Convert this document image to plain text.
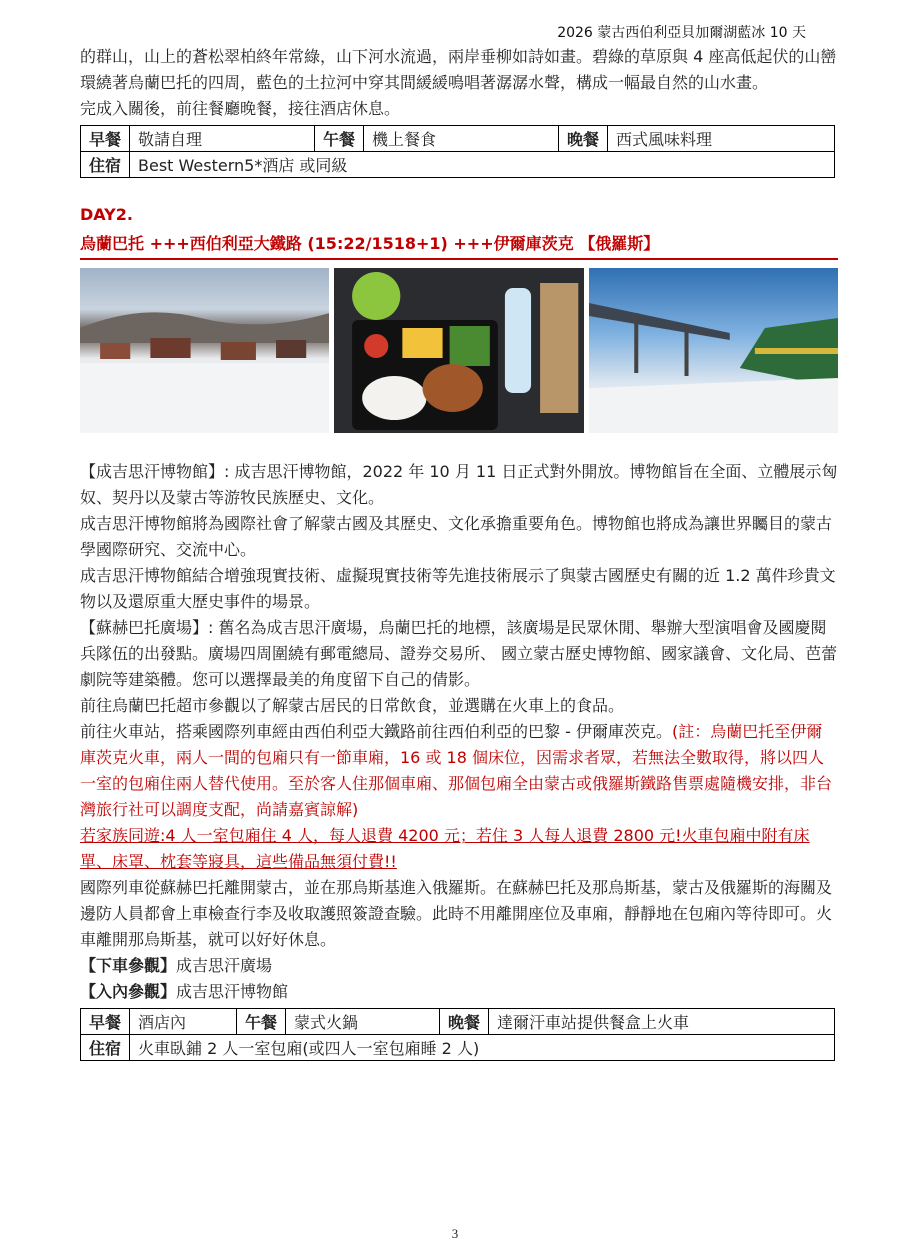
2026 蒙古西伯利亞貝加爾湖藍冰 10 天

的群山，山上的蒼松翠柏終年常綠，山下河水流過，兩岸垂柳如詩如畫。碧綠的草原與 4 座高低起伏的山巒環繞著烏蘭巴托的四周，藍色的土拉河中穿其間緩緩鳴唱著潺潺水聲，構成一幅最自然的山水畫。

完成入關後，前往餐廳晚餐，接往酒店休息。

早餐	敬請自理	午餐	機上餐食	晚餐	西式風味料理
住宿	Best Western5*酒店 或同級				
DAY2.
烏蘭巴托 +++西伯利亞大鐵路 (15:22/1518+1) +++伊爾庫茨克 【俄羅斯】

【成吉思汗博物館】: 成吉思汗博物館，2022 年 10 月 11 日正式對外開放。博物館旨在全面、立體展示匈奴、契丹以及蒙古等游牧民族歷史、文化。

成吉思汗博物館將為國際社會了解蒙古國及其歷史、文化承擔重要角色。博物館也將成為讓世界矚目的蒙古學國際研究、交流中心。

成吉思汗博物館結合增強現實技術、虛擬現實技術等先進技術展示了與蒙古國歷史有關的近 1.2 萬件珍貴文物以及還原重大歷史事件的場景。

【蘇赫巴托廣場】: 舊名為成吉思汗廣場，烏蘭巴托的地標，該廣場是民眾休閒、舉辦大型演唱會及國慶閱兵隊伍的出發點。廣場四周圍繞有郵電總局、證券交易所、 國立蒙古歷史博物館、國家議會、文化局、芭蕾劇院等建築體。您可以選擇最美的角度留下自己的倩影。

前往烏蘭巴托超市參觀以了解蒙古居民的日常飲食，並選購在火車上的食品。

前往火車站，搭乘國際列車經由西伯利亞大鐵路前往西伯利亞的巴黎 - 伊爾庫茨克。(註：烏蘭巴托至伊爾庫茨克火車，兩人一間的包廂只有一節車廂，16 或 18 個床位，因需求者眾，若無法全數取得，將以四人一室的包廂住兩人替代使用。至於客人住那個車廂、那個包廂全由蒙古或俄羅斯鐵路售票處隨機安排，非台灣旅行社可以調度支配，尚請嘉賓諒解)

若家族同遊:4 人一室包廂住 4 人，每人退費 4200 元；若住 3 人每人退費 2800 元!火車包廂中附有床單、床罩、枕套等寢具，這些備品無須付費!!

國際列車從蘇赫巴托離開蒙古，並在那烏斯基進入俄羅斯。在蘇赫巴托及那烏斯基，蒙古及俄羅斯的海關及邊防人員都會上車檢查行李及收取護照簽證查驗。此時不用離開座位及車廂，靜靜地在包廂內等待即可。火車離開那烏斯基，就可以好好休息。

【下車參觀】成吉思汗廣場

【入內參觀】成吉思汗博物館

早餐	酒店內	午餐	蒙式火鍋	晚餐	達爾汗車站提供餐盒上火車
住宿	火車臥鋪 2 人一室包廂(或四人一室包廂睡 2 人)				
3
